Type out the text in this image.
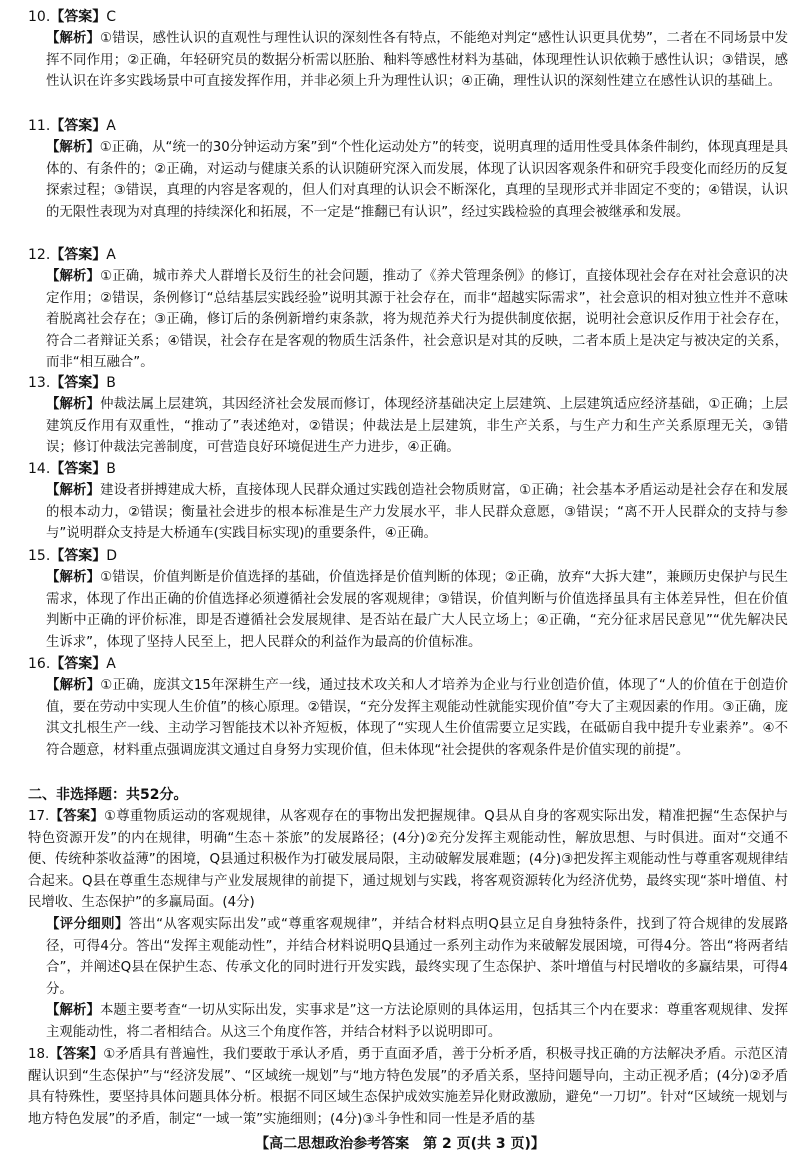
10.【答案】C
【解析】①错误，感性认识的直观性与理性认识的深刻性各有特点，不能绝对判定“感性认识更具优势”，二者在不同场景中发挥不同作用；②正确，年轻研究员的数据分析需以胚胎、釉料等感性材料为基础，体现理性认识依赖于感性认识；③错误，感性认识在许多实践场景中可直接发挥作用，并非必须上升为理性认识；④正确，理性认识的深刻性建立在感性认识的基础上。
11.【答案】A
【解析】①正确，从“统一的30分钟运动方案”到“个性化运动处方”的转变，说明真理的适用性受具体条件制约，体现真理是具体的、有条件的；②正确，对运动与健康关系的认识随研究深入而发展，体现了认识因客观条件和研究手段变化而经历的反复探索过程；③错误，真理的内容是客观的，但人们对真理的认识会不断深化，真理的呈现形式并非固定不变的；④错误，认识的无限性表现为对真理的持续深化和拓展，不一定是“推翻已有认识”，经过实践检验的真理会被继承和发展。
12.【答案】A
【解析】①正确，城市养犬人群增长及衍生的社会问题，推动了《养犬管理条例》的修订，直接体现社会存在对社会意识的决定作用；②错误，条例修订“总结基层实践经验”说明其源于社会存在，而非“超越实际需求”，社会意识的相对独立性并不意味着脱离社会存在；③正确，修订后的条例新增约束条款，将为规范养犬行为提供制度依据，说明社会意识反作用于社会存在，符合二者辩证关系；④错误，社会存在是客观的物质生活条件，社会意识是对其的反映，二者本质上是决定与被决定的关系，而非“相互融合”。
13.【答案】B
【解析】仲裁法属上层建筑，其因经济社会发展而修订，体现经济基础决定上层建筑、上层建筑适应经济基础，①正确；上层建筑反作用有双重性，“推动了”表述绝对，②错误；仲裁法是上层建筑，非生产关系，与生产力和生产关系原理无关，③错误；修订仲裁法完善制度，可营造良好环境促进生产力进步，④正确。
14.【答案】B
【解析】建设者拼搏建成大桥，直接体现人民群众通过实践创造社会物质财富，①正确；社会基本矛盾运动是社会存在和发展的根本动力，②错误；衡量社会进步的根本标准是生产力发展水平，非人民群众意愿，③错误；“离不开人民群众的支持与参与”说明群众支持是大桥通车(实践目标实现)的重要条件，④正确。
15.【答案】D
【解析】①错误，价值判断是价值选择的基础，价值选择是价值判断的体现；②正确，放弃“大拆大建”，兼顾历史保护与民生需求，体现了作出正确的价值选择必须遵循社会发展的客观规律；③错误，价值判断与价值选择虽具有主体差异性，但在价值判断中正确的评价标准，即是否遵循社会发展规律、是否站在最广大人民立场上；④正确，“充分征求居民意见”“优先解决民生诉求”，体现了坚持人民至上，把人民群众的利益作为最高的价值标准。
16.【答案】A
【解析】①正确，庞淇文15年深耕生产一线，通过技术攻关和人才培养为企业与行业创造价值，体现了“人的价值在于创造价值，要在劳动中实现人生价值”的核心原理。②错误，“充分发挥主观能动性就能实现价值”夸大了主观因素的作用。③正确，庞淇文扎根生产一线、主动学习智能技术以补齐短板，体现了“实现人生价值需要立足实践，在砥砺自我中提升专业素养”。④不符合题意，材料重点强调庞淇文通过自身努力实现价值，但未体现“社会提供的客观条件是价值实现的前提”。
二、非选择题：共52分。
17.【答案】①尊重物质运动的客观规律，从客观存在的事物出发把握规律。Q县从自身的客观实际出发，精准把握“生态保护与特色资源开发”的内在规律，明确“生态＋茶旅”的发展路径；(4分)②充分发挥主观能动性，解放思想、与时俱进。面对“交通不便、传统种茶收益薄”的困境，Q县通过积极作为打破发展局限，主动破解发展难题；(4分)③把发挥主观能动性与尊重客观规律结合起来。Q县在尊重生态规律与产业发展规律的前提下，通过规划与实践，将客观资源转化为经济优势，最终实现“茶叶增值、村民增收、生态保护”的多赢局面。(4分)
【评分细则】答出“从客观实际出发”或“尊重客观规律”，并结合材料点明Q县立足自身独特条件，找到了符合规律的发展路径，可得4分。答出“发挥主观能动性”，并结合材料说明Q县通过一系列主动作为来破解发展困境，可得4分。答出“将两者结合”，并阐述Q县在保护生态、传承文化的同时进行开发实践，最终实现了生态保护、茶叶增值与村民增收的多赢结果，可得4分。
【解析】本题主要考查“一切从实际出发，实事求是”这一方法论原则的具体运用，包括其三个内在要求：尊重客观规律、发挥主观能动性，将二者相结合。从这三个角度作答，并结合材料予以说明即可。
18.【答案】①矛盾具有普遍性，我们要敢于承认矛盾，勇于直面矛盾，善于分析矛盾，积极寻找正确的方法解决矛盾。示范区清醒认识到“生态保护”与“经济发展”、“区域统一规划”与“地方特色发展”的矛盾关系，坚持问题导向，主动正视矛盾；(4分)②矛盾具有特殊性，要坚持具体问题具体分析。根据不同区域生态保护成效实施差异化财政激励，避免“一刀切”。针对“区域统一规划与地方特色发展”的矛盾，制定“一域一策”实施细则；(4分)③斗争性和同一性是矛盾的基
【高二思想政治参考答案　第 2 页(共 3 页)】
